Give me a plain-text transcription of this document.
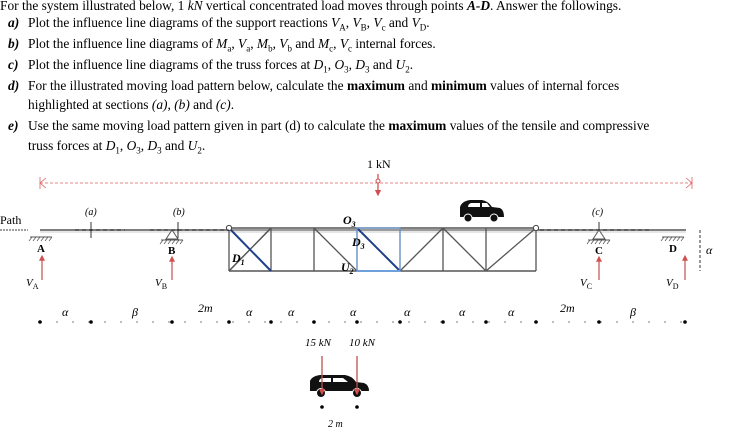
For the system illustrated below, 1 kN vertical concentrated load moves through points A-D. Answer the followings.
a) Plot the influence line diagrams of the support reactions $V_A$, $V_B$, $V_c$ and $V_D$.
b) Plot the influence line diagrams of $M_a$, $V_a$, $M_b$, $V_b$ and $M_c$, $V_c$ internal forces.
c) Plot the influence line diagrams of the truss forces at $D_1$, $O_3$, $D_3$ and $U_2$.
d) For the illustrated moving load pattern below, calculate the maximum and minimum values of internal forces
highlighted at sections (a), (b) and (c).
e) Use the same moving load pattern given in part (d) to calculate the maximum values of the tensile and compressive
truss forces at $D_1$, $O_3$, $D_3$ and $U_2$.
Path
1 kN
(a)	(b)	(c)
A	B	C	D
$V_A$	$V_B$	$V_C$	$V_D$
α
$D_1$
$O_3$
$D_3$
$U_2$
α	β	2m	α	α	α	α	α	α	2m	β
15 kN 10 kN
2 m
